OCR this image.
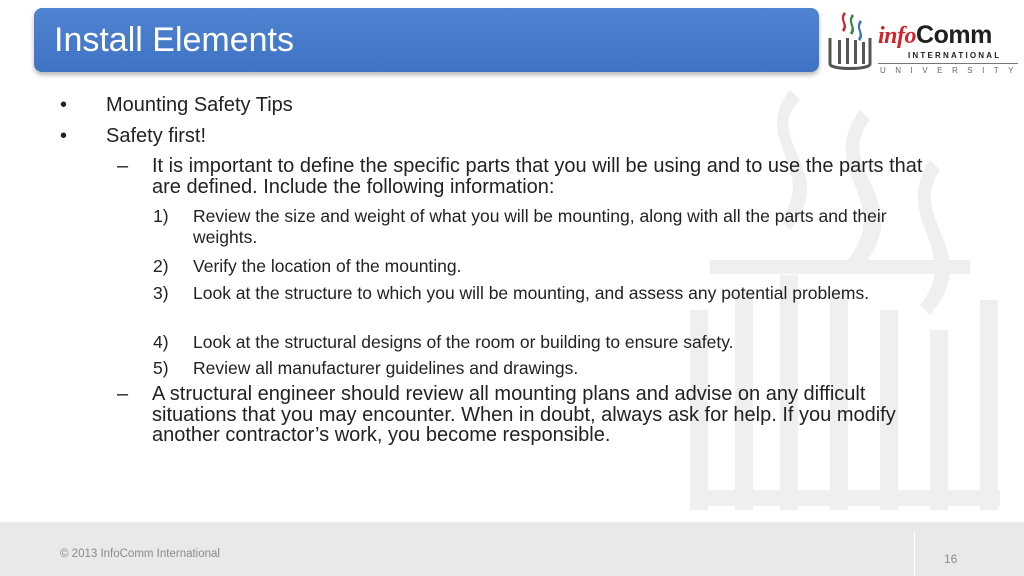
Install Elements	infoComm
INTERNATIONAL
UNIVERSITY
•	Mounting Safety Tips
•	Safety first!
– It is important to define the specific parts that you will be using and to use the parts that are defined. Include the following information:
1) Review the size and weight of what you will be mounting, along with all the parts and their weights.
2) Verify the location of the mounting.
3) Look at the structure to which you will be mounting, and assess any potential problems.
4) Look at the structural designs of the room or building to ensure safety.
5) Review all manufacturer guidelines and drawings.
– A structural engineer should review all mounting plans and advise on any difficult situations that you may encounter. When in doubt, always ask for help. If you modify another contractor’s work, you become responsible.
© 2013 InfoComm International	16
